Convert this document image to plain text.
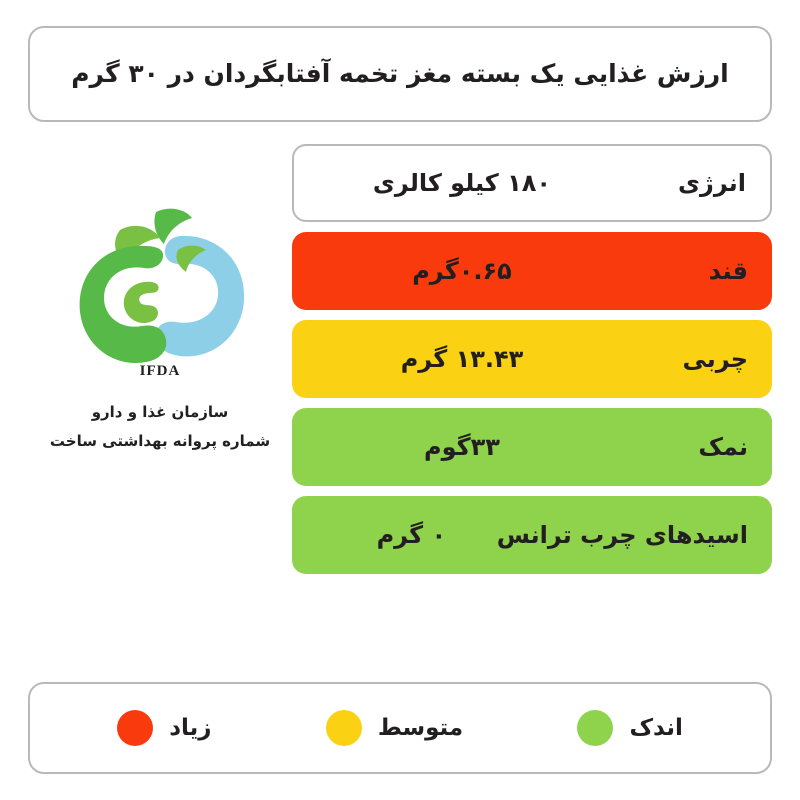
ارزش غذایی یک بسته مغز تخمه آفتابگردان در ۳۰ گرم
انرژی
۱۸۰ کیلو کالری
قند
۰.۶۵گرم
چربی
۱۳.۴۳ گرم
نمک
۳۳گوم
اسیدهای چرب ترانس
۰ گرم
IFDA
سازمان غذا و دارو
شماره پروانه بهداشتی ساخت
اندک
متوسط
زیاد
